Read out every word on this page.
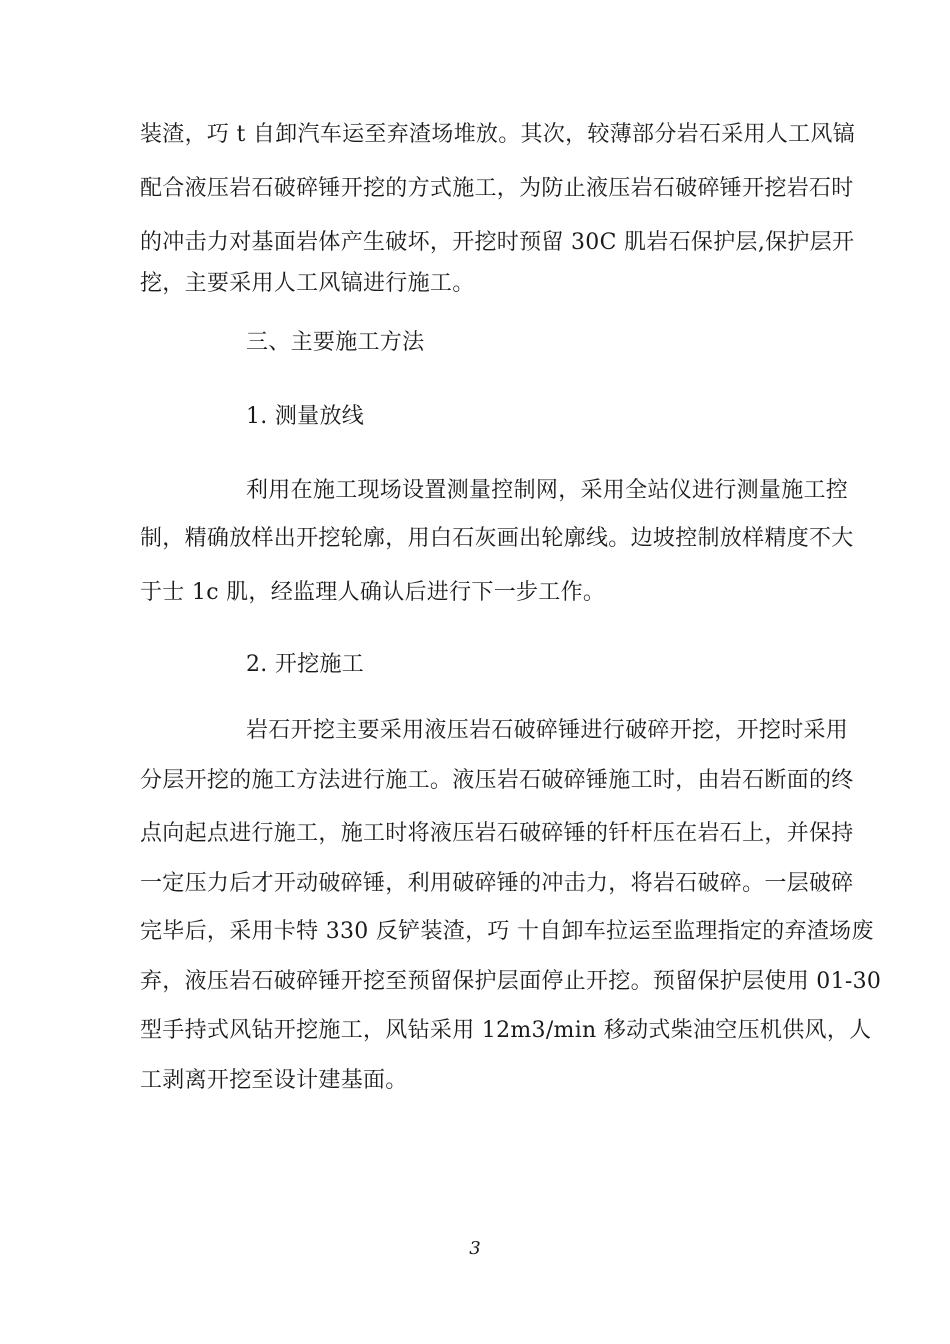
装渣，巧 t 自卸汽车运至弃渣场堆放。其次，较薄部分岩石采用人工风镐
配合液压岩石破碎锤开挖的方式施工，为防止液压岩石破碎锤开挖岩石时
的冲击力对基面岩体产生破坏，开挖时预留 30C 肌岩石保护层,保护层开
挖，主要采用人工风镐进行施工。
三、主要施工方法
1. 测量放线
利用在施工现场设置测量控制网，采用全站仪进行测量施工控
制，精确放样出开挖轮廓，用白石灰画出轮廓线。边坡控制放样精度不大
于士 1c 肌，经监理人确认后进行下一步工作。
2. 开挖施工
岩石开挖主要采用液压岩石破碎锤进行破碎开挖，开挖时采用
分层开挖的施工方法进行施工。液压岩石破碎锤施工时，由岩石断面的终
点向起点进行施工，施工时将液压岩石破碎锤的钎杆压在岩石上，并保持
一定压力后才开动破碎锤，利用破碎锤的冲击力，将岩石破碎。一层破碎
完毕后，采用卡特 330 反铲装渣，巧 十自卸车拉运至监理指定的弃渣场废
弃，液压岩石破碎锤开挖至预留保护层面停止开挖。预留保护层使用 01-30
型手持式风钻开挖施工，风钻采用 12m3/min 移动式柴油空压机供风，人
工剥离开挖至设计建基面。
3
